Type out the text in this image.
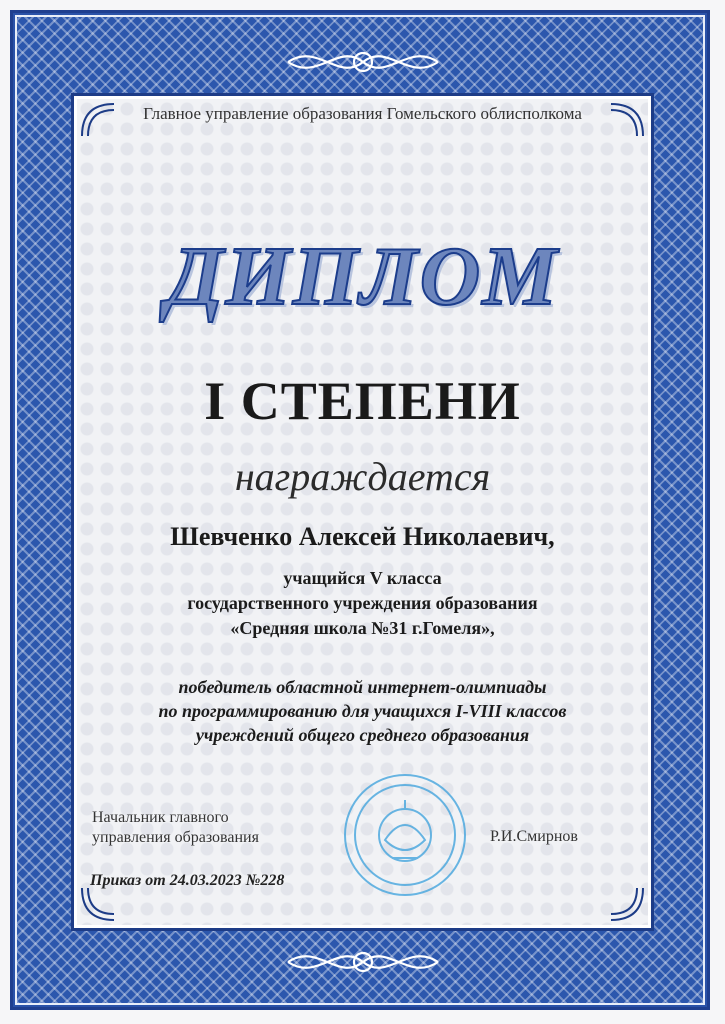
Главное управление образования Гомельского облисполкома
ДИПЛОМ
I СТЕПЕНИ
награждается
Шевченко Алексей Николаевич,
учащийся V класса
государственного учреждения образования
«Средняя школа №31 г.Гомеля»,
победитель областной интернет-олимпиады
по программированию для учащихся I-VIII классов
учреждений общего среднего образования
Начальник главного
управления образования	Р.И.Смирнов
Приказ от 24.03.2023 №228
